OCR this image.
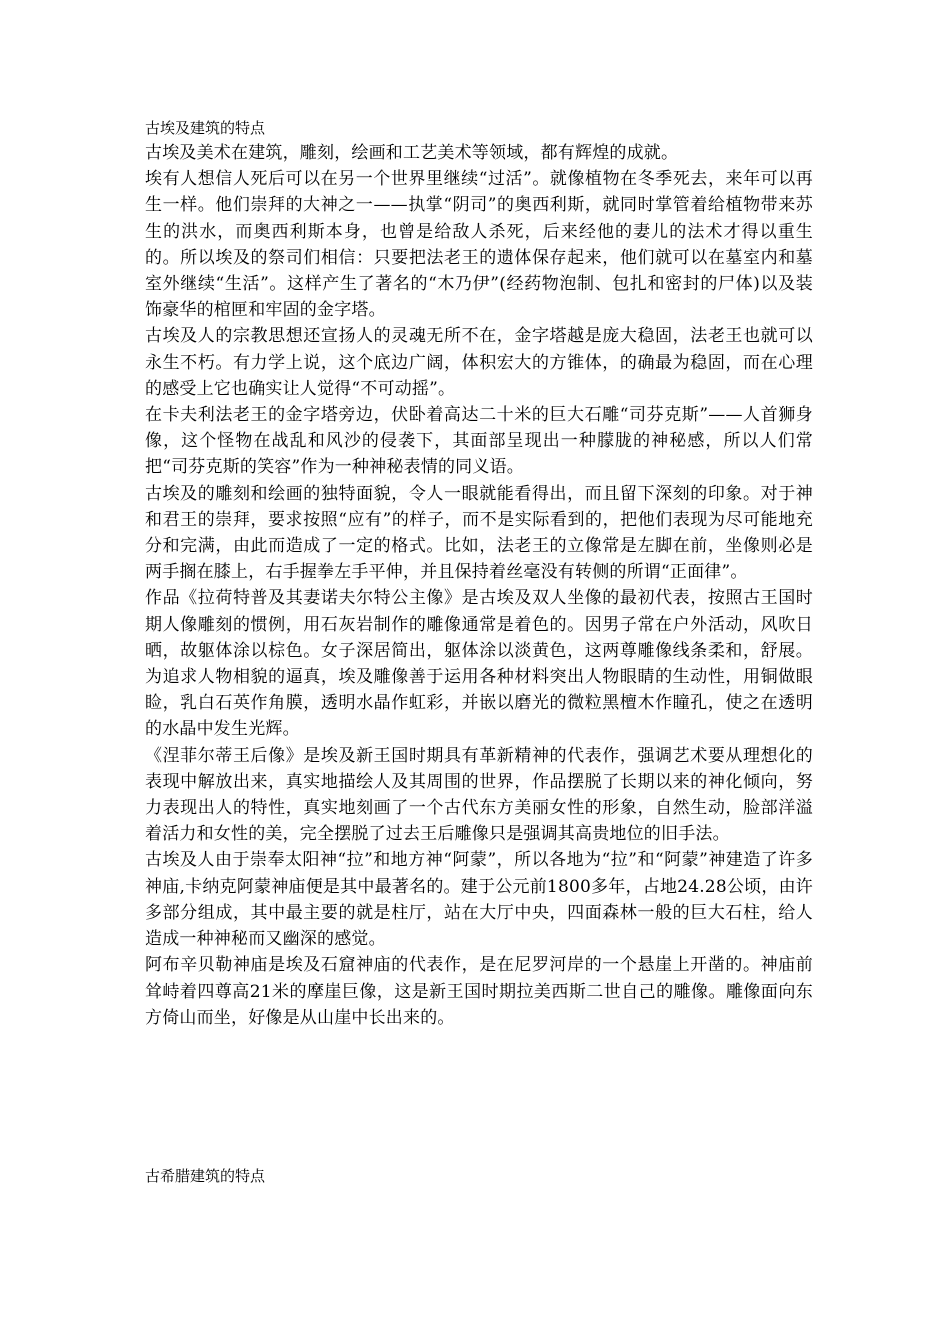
古埃及建筑的特点

古埃及美术在建筑，雕刻，绘画和工艺美术等领域，都有辉煌的成就。

埃有人想信人死后可以在另一个世界里继续“过活”。就像植物在冬季死去，来年可以再生一样。他们崇拜的大神之一——执掌“阴司”的奥西利斯，就同时掌管着给植物带来苏生的洪水，而奥西利斯本身，也曾是给敌人杀死，后来经他的妻儿的法术才得以重生的。所以埃及的祭司们相信：只要把法老王的遗体保存起来，他们就可以在墓室内和墓室外继续“生活”。这样产生了著名的“木乃伊”(经药物泡制、包扎和密封的尸体)以及装饰豪华的棺匣和牢固的金字塔。

古埃及人的宗教思想还宣扬人的灵魂无所不在，金字塔越是庞大稳固，法老王也就可以永生不朽。有力学上说，这个底边广阔，体积宏大的方锥体，的确最为稳固，而在心理的感受上它也确实让人觉得“不可动摇”。

在卡夫利法老王的金字塔旁边，伏卧着高达二十米的巨大石雕“司芬克斯”——人首狮身像，这个怪物在战乱和风沙的侵袭下，其面部呈现出一种朦胧的神秘感，所以人们常把“司芬克斯的笑容”作为一种神秘表情的同义语。

古埃及的雕刻和绘画的独特面貌，令人一眼就能看得出，而且留下深刻的印象。对于神和君王的崇拜，要求按照“应有”的样子，而不是实际看到的，把他们表现为尽可能地充分和完满，由此而造成了一定的格式。比如，法老王的立像常是左脚在前，坐像则必是两手搁在膝上，右手握拳左手平伸，并且保持着丝毫没有转侧的所谓“正面律”。

作品《拉荷特普及其妻诺夫尔特公主像》是古埃及双人坐像的最初代表，按照古王国时期人像雕刻的惯例，用石灰岩制作的雕像通常是着色的。因男子常在户外活动，风吹日晒，故躯体涂以棕色。女子深居简出，躯体涂以淡黄色，这两尊雕像线条柔和，舒展。为追求人物相貌的逼真，埃及雕像善于运用各种材料突出人物眼睛的生动性，用铜做眼睑，乳白石英作角膜，透明水晶作虹彩，并嵌以磨光的微粒黑檀木作瞳孔，使之在透明的水晶中发生光辉。

《涅菲尔蒂王后像》是埃及新王国时期具有革新精神的代表作，强调艺术要从理想化的表现中解放出来，真实地描绘人及其周围的世界，作品摆脱了长期以来的神化倾向，努力表现出人的特性，真实地刻画了一个古代东方美丽女性的形象，自然生动，脸部洋溢着活力和女性的美，完全摆脱了过去王后雕像只是强调其高贵地位的旧手法。

古埃及人由于崇奉太阳神“拉”和地方神“阿蒙”，所以各地为“拉”和“阿蒙”神建造了许多神庙,卡纳克阿蒙神庙便是其中最著名的。建于公元前1800多年，占地24.28公顷，由许多部分组成，其中最主要的就是柱厅，站在大厅中央，四面森林一般的巨大石柱，给人造成一种神秘而又幽深的感觉。

阿布辛贝勒神庙是埃及石窟神庙的代表作，是在尼罗河岸的一个悬崖上开凿的。神庙前耸峙着四尊高21米的摩崖巨像，这是新王国时期拉美西斯二世自己的雕像。雕像面向东方倚山而坐，好像是从山崖中长出来的。

古希腊建筑的特点
